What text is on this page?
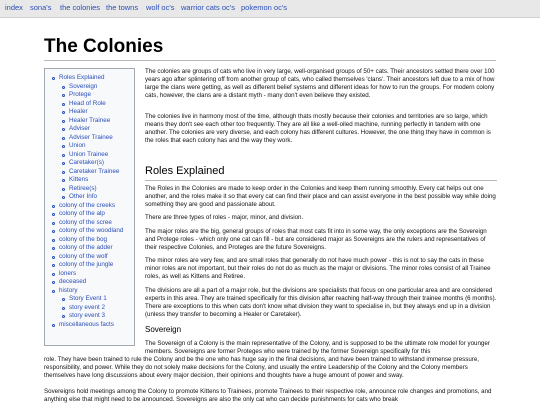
index sona's the colonies the towns wolf oc's warrior cats oc's pokemon oc's
The Colonies
Roles Explained
Sovereign
Protege
Head of Role
Healer
Healer Trainee
Adviser
Adviser Trainee
Union
Union Trainee
Caretaker(s)
Caretaker Trainee
Kittens
Retiree(s)
Other Info
colony of the creeks
colony of the alp
colony of the scree
colony of the woodland
colony of the bog
colony of the adder
colony of the wolf
colony of the jungle
loners
deceased
history
Story Event 1
story event 2
story event 3
miscellaneous facts

The colonies are groups of cats who live in very large, well-organised groups of 50+ cats. Their ancestors settled there over 100 years ago after splintering off from another group of cats, who called themselves 'clans'. Their ancestors left due to a mix of how large the clans were getting, as well as different belief systems and different ideas for how to run the groups. For modern colony cats, however, the clans are a distant myth - many don't even believe they existed.

The colonies live in harmony most of the time, although thats mostly because their colonies and territories are so large, which means they don't see each other too frequently. They are all like a well-oiled machine, running perfectly in tandem with one another. The colonies are very diverse, and each colony has different cultures. However, the one thing they have in common is the roles that each colony has and the way they work.

Roles Explained

The Roles in the Colonies are made to keep order in the Colonies and keep them running smoothly. Every cat helps out one another, and the roles make it so that every cat can find their place and can assist everyone in the best possible way while doing something they are good and passionate about.

There are three types of roles - major, minor, and division.

The major roles are the big, general groups of roles that most cats fit into in some way, the only exceptions are the Sovereign and Protege roles - which only one cat can fill - but are considered major as Sovereigns are the rulers and representatives of their respective Colonies, and Proteges are the future Sovereigns.

The minor roles are very few, and are small roles that generally do not have much power - this is not to say the cats in these minor roles are not important, but their roles do not do as much as the major or divisions. The minor roles consist of all Trainee roles, as well as Kittens and Retiree.

The divisions are all a part of a major role, but the divisions are specialists that focus on one particular area and are considered experts in this area. They are trained specifically for this division after reaching half-way through their trainee months (6 months). There are exceptions to this when cats don't know what division they want to specialise in, but they always end up in a division (unless they transfer to becoming a Healer or Caretaker).

Sovereign

The Sovereign of a Colony is the main representative of the Colony, and is supposed to be the ultimate role model for younger members. Sovereigns are former Proteges who were trained by the former Sovereign specifically for this

role. They have been trained to rule the Colony and be the one who has huge say in the final decisions, and have been trained to withstand immense pressure, responsibility, and power. While they do not solely make decisions for the Colony, and usually the entire Leadership of the Colony and the Colony members themselves have long discussions about every major decision, their opinions and thoughts have a huge amount of power and sway.

Sovereigns hold meetings among the Colony to promote Kittens to Trainees, promote Trainees to their respective role, announce role changes and promotions, and anything else that might need to be announced. Sovereigns are also the only cat who can decide punishments for cats who break
